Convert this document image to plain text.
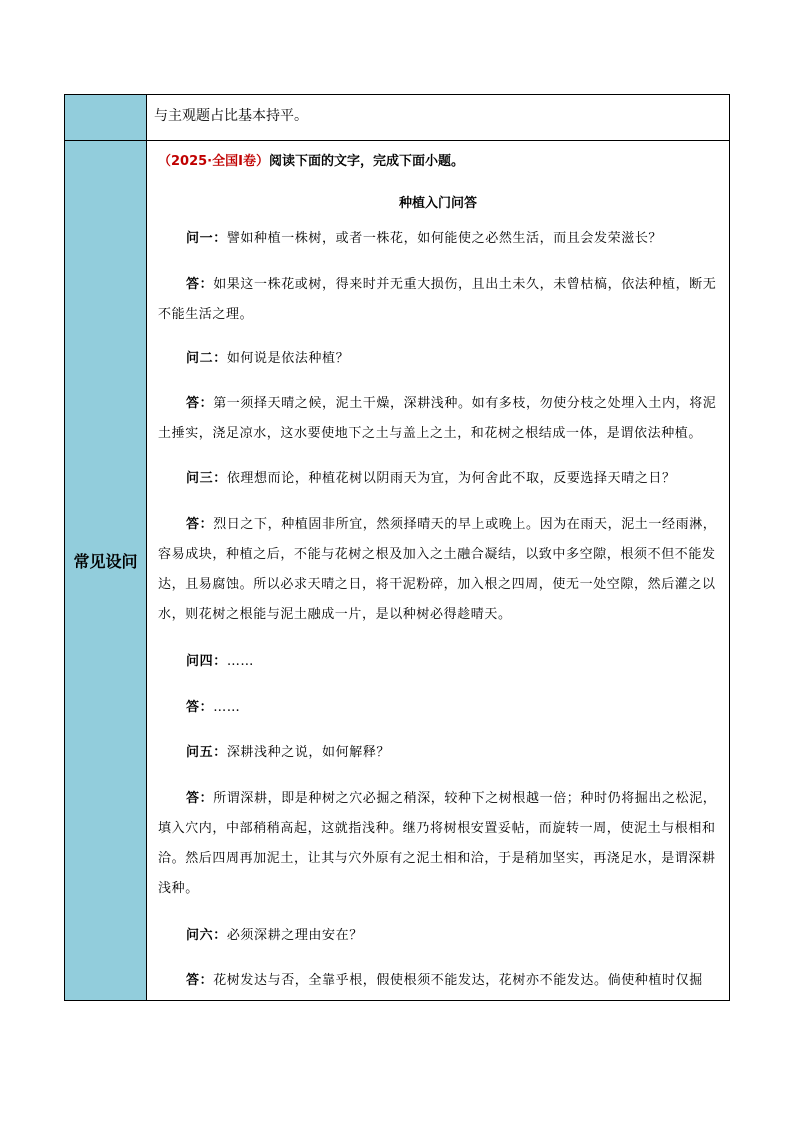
与主观题占比基本持平。
常见设问
（2025·全国Ⅰ卷）阅读下面的文字，完成下面小题。
种植入门问答
问一：譬如种植一株树，或者一株花，如何能使之必然生活，而且会发荣滋长？
答：如果这一株花或树，得来时并无重大损伤，且出土未久，未曾枯槁，依法种植，断无不能生活之理。
问二：如何说是依法种植？
答：第一须择天晴之候，泥土干燥，深耕浅种。如有多枝，勿使分枝之处埋入土内，将泥土捶实，浇足凉水，这水要使地下之土与盖上之土，和花树之根结成一体，是谓依法种植。
问三：依理想而论，种植花树以阴雨天为宜，为何舍此不取，反要选择天晴之日？
答：烈日之下，种植固非所宜，然须择晴天的早上或晚上。因为在雨天，泥土一经雨淋，容易成块，种植之后，不能与花树之根及加入之土融合凝结，以致中多空隙，根须不但不能发达，且易腐蚀。所以必求天晴之日，将干泥粉碎，加入根之四周，使无一处空隙，然后灌之以水，则花树之根能与泥土融成一片，是以种树必得趁晴天。
问四：……
答：……
问五：深耕浅种之说，如何解释？
答：所谓深耕，即是种树之穴必掘之稍深，较种下之树根越一倍；种时仍将掘出之松泥，填入穴内，中部稍稍高起，这就指浅种。继乃将树根安置妥帖，而旋转一周，使泥土与根相和洽。然后四周再加泥土，让其与穴外原有之泥土相和洽，于是稍加坚实，再浇足水，是谓深耕浅种。
问六：必须深耕之理由安在？
答：花树发达与否，全靠乎根，假使根须不能发达，花树亦不能发达。倘使种植时仅掘
